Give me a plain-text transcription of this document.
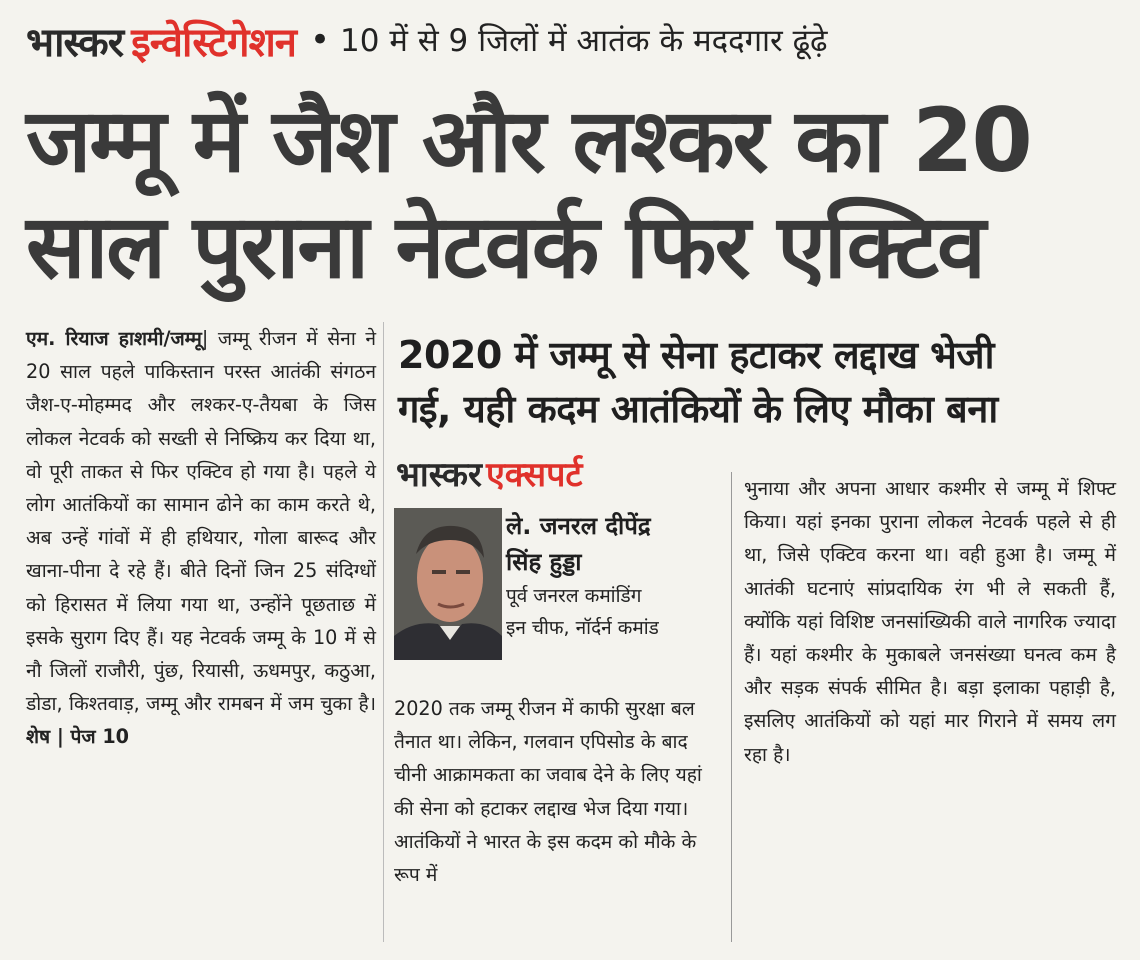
भास्कर इन्वेस्टिगेशन • 10 में से 9 जिलों में आतंक के मददगार ढूंढ़े
जम्मू में जैश और लश्कर का 20
साल पुराना नेटवर्क फिर एक्टिव

एम. रियाज हाशमी/जम्मू| जम्मू रीजन में सेना ने 20 साल पहले पाकिस्तान परस्त आतंकी संगठन जैश-ए-मोहम्मद और लश्कर-ए-तैयबा के जिस लोकल नेटवर्क को सख्ती से निष्क्रिय कर दिया था, वो पूरी ताकत से फिर एक्टिव हो गया है। पहले ये लोग आतंकियों का सामान ढोने का काम करते थे, अब उन्हें गांवों में ही हथियार, गोला बारूद और खाना-पीना दे रहे हैं। बीते दिनों जिन 25 संदिग्धों को हिरासत में लिया गया था, उन्होंने पूछताछ में इसके सुराग दिए हैं। यह नेटवर्क जम्मू के 10 में से नौ जिलों राजौरी, पुंछ, रियासी, ऊधमपुर, कठुआ, डोडा, किश्तवाड़, जम्मू और रामबन में जम चुका है। शेष | पेज 10

2020 में जम्मू से सेना हटाकर लद्दाख भेजी
गई, यही कदम आतंकियों के लिए मौका बना
भास्कर एक्सपर्ट
ले. जनरल दीपेंद्र
सिंह हुड्डा
पूर्व जनरल कमांडिंग
इन चीफ, नॉर्दर्न कमांड

2020 तक जम्मू रीजन में काफी सुरक्षा बल तैनात था। लेकिन, गलवान एपिसोड के बाद चीनी आक्रामकता का जवाब देने के लिए यहां की सेना को हटाकर लद्दाख भेज दिया गया। आतंकियों ने भारत के इस कदम को मौके के रूप में

भुनाया और अपना आधार कश्मीर से जम्मू में शिफ्ट किया। यहां इनका पुराना लोकल नेटवर्क पहले से ही था, जिसे एक्टिव करना था। वही हुआ है। जम्मू में आतंकी घटनाएं सांप्रदायिक रंग भी ले सकती हैं, क्योंकि यहां विशिष्ट जनसांख्यिकी वाले नागरिक ज्यादा हैं। यहां कश्मीर के मुकाबले जनसंख्या घनत्व कम है और सड़क संपर्क सीमित है। बड़ा इलाका पहाड़ी है, इसलिए आतंकियों को यहां मार गिराने में समय लग रहा है।
